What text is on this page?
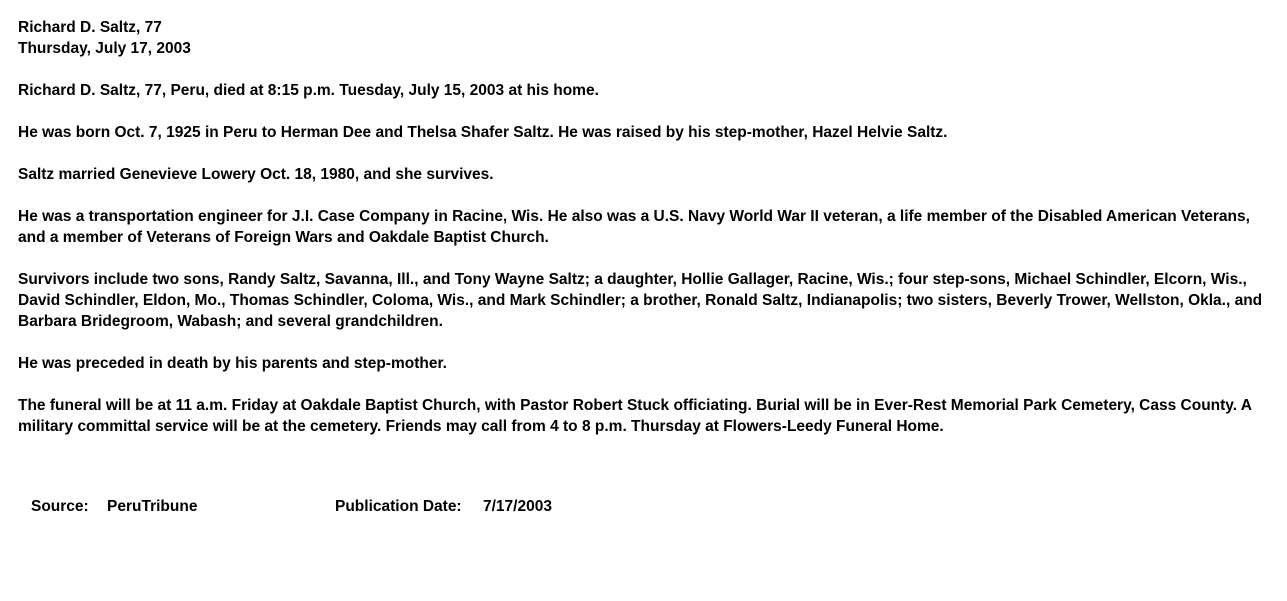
Richard D. Saltz, 77
Thursday, July 17, 2003

Richard D. Saltz, 77, Peru, died at 8:15 p.m. Tuesday, July 15, 2003 at his home.

He was born Oct. 7, 1925 in Peru to Herman Dee and Thelsa Shafer Saltz. He was raised by his step-mother, Hazel Helvie Saltz.

Saltz married Genevieve Lowery Oct. 18, 1980, and she survives.

He was a transportation engineer for J.I. Case Company in Racine, Wis. He also was a U.S. Navy World War II veteran, a life member of the Disabled American Veterans, and a member of Veterans of Foreign Wars and Oakdale Baptist Church.

Survivors include two sons, Randy Saltz, Savanna, Ill., and Tony Wayne Saltz; a daughter, Hollie Gallager, Racine, Wis.; four step-sons, Michael Schindler, Elcorn, Wis., David Schindler, Eldon, Mo., Thomas Schindler, Coloma, Wis., and Mark Schindler; a brother, Ronald Saltz, Indianapolis; two sisters, Beverly Trower, Wellston, Okla., and Barbara Bridegroom, Wabash; and several grandchildren.

He was preceded in death by his parents and step-mother.

The funeral will be at 11 a.m. Friday at Oakdale Baptist Church, with Pastor Robert Stuck officiating. Burial will be in Ever-Rest Memorial Park Cemetery, Cass County. A military committal service will be at the cemetery. Friends may call from 4 to 8 p.m. Thursday at Flowers-Leedy Funeral Home.

Source:

PeruTribune

	Publication Date:

7/17/2003
